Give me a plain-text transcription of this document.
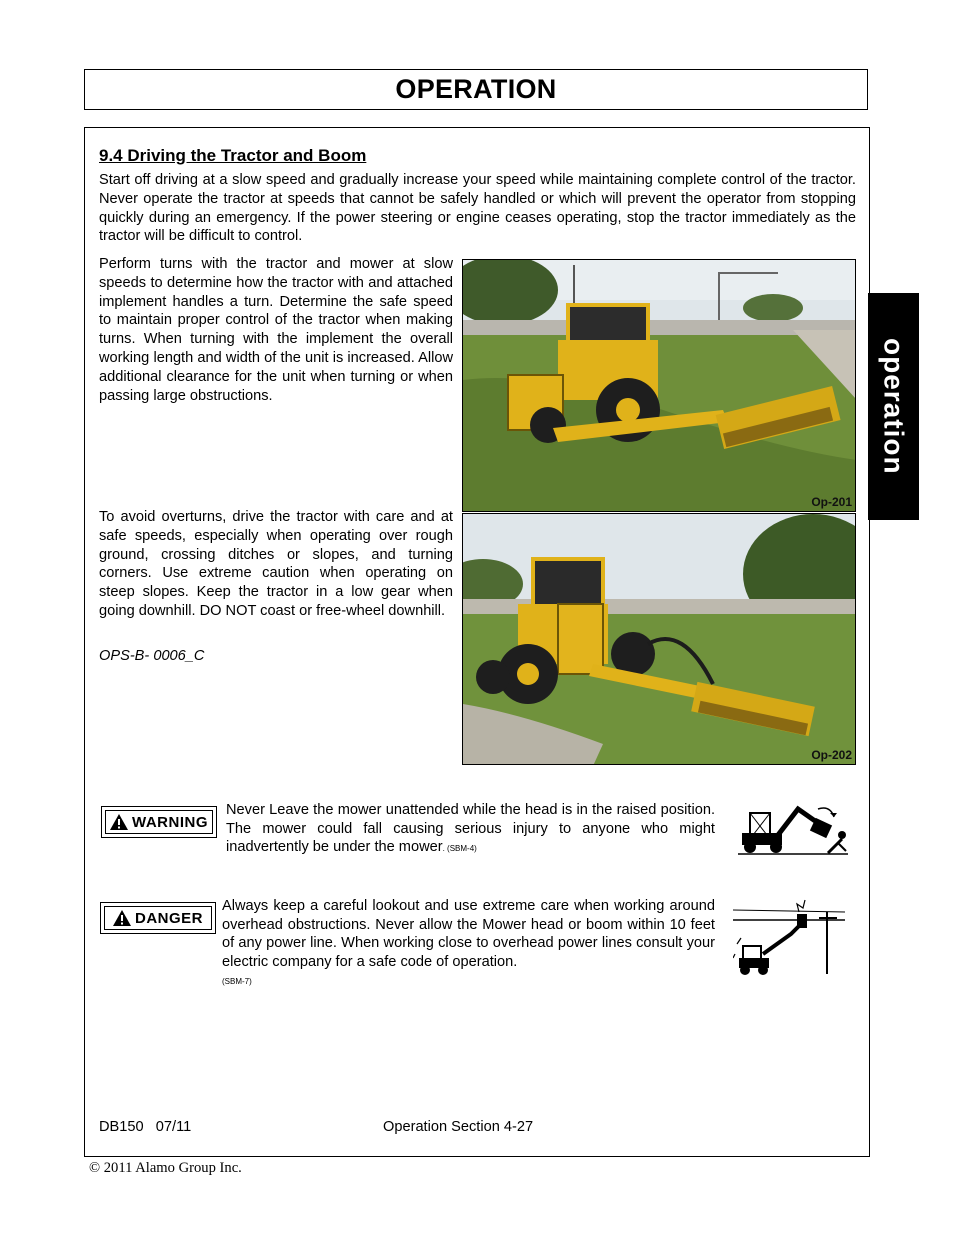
OPERATION
operation
9.4 Driving the Tractor and Boom
Start off driving at a slow speed and gradually increase your speed while maintaining complete control of the tractor. Never operate the tractor at speeds that cannot be safely handled or which will prevent the operator from stopping quickly during an emergency. If the power steering or engine ceases operating, stop the tractor immediately as the tractor will be difficult to control.
Perform turns with the tractor and mower at slow speeds to determine how the tractor with and attached implement handles a turn. Determine the safe speed to maintain proper control of the tractor when making turns. When turning with the implement the overall working length and width of the unit is increased. Allow additional clearance for the unit when turning or when passing large obstructions.
To avoid overturns, drive the tractor with care and at safe speeds, especially when operating over rough ground, crossing ditches or slopes, and turning corners. Use extreme caution when operating on steep slopes. Keep the tractor in a low gear when going downhill. DO NOT coast or free-wheel downhill.
OPS-B- 0006_C
Op-201
Op-202
WARNING
Never Leave the mower unattended while the head is in the raised position. The mower could fall causing serious injury to anyone who might inadvertently be under the mower. (SBM-4)
DANGER
Always keep a careful lookout and use extreme care when working around overhead obstructions. Never allow the Mower head or boom within 10 feet of any power line. When working close to overhead power lines consult your electric company for a safe code of operation.
(SBM-7)
DB150   07/11	Operation Section 4-27
© 2011 Alamo Group Inc.
